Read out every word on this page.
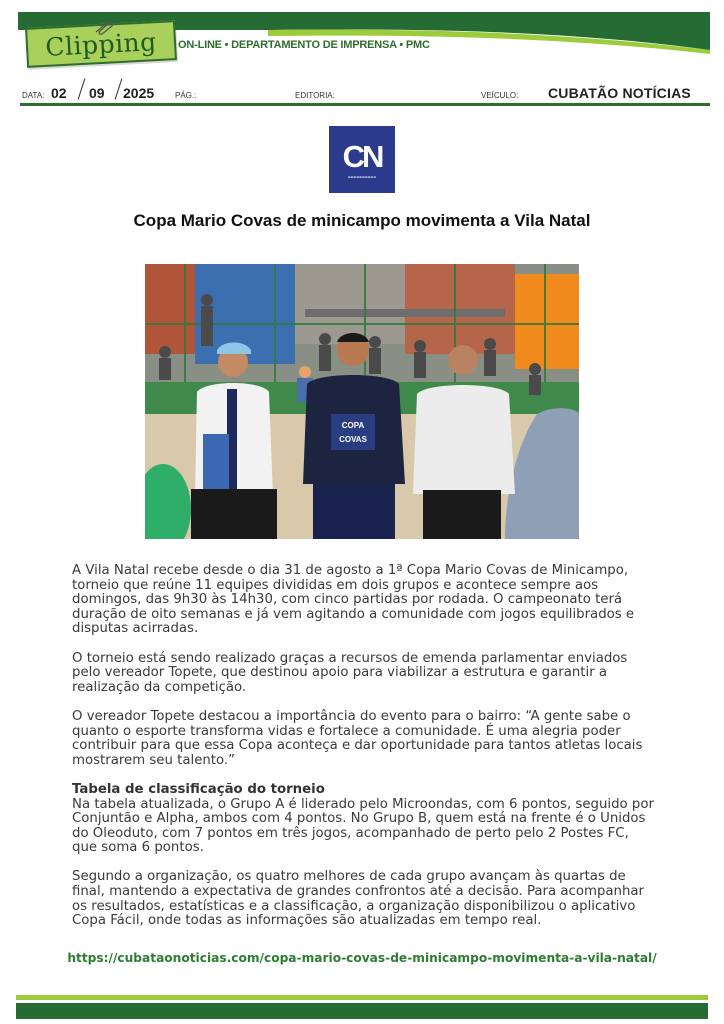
Clipping ON-LINE • DEPARTAMENTO DE IMPRENSA • PMC
DATA: 02 09 2025	PÁG.:	EDITORIA:	VEÍCULO: CUBATÃO NOTÍCIAS
CN
▬▬▬▬▬▬▬▬▬▬
Copa Mario Covas de minicampo movimenta a Vila Natal
COPA
COVAS

A Vila Natal recebe desde o dia 31 de agosto a 1ª Copa Mario Covas de Minicampo, torneio que reúne 11 equipes divididas em dois grupos e acontece sempre aos domingos, das 9h30 às 14h30, com cinco partidas por rodada. O campeonato terá duração de oito semanas e já vem agitando a comunidade com jogos equilibrados e disputas acirradas.

O torneio está sendo realizado graças a recursos de emenda parlamentar enviados pelo vereador Topete, que destinou apoio para viabilizar a estrutura e garantir a realização da competição.

O vereador Topete destacou a importância do evento para o bairro: “A gente sabe o quanto o esporte transforma vidas e fortalece a comunidade. É uma alegria poder contribuir para que essa Copa aconteça e dar oportunidade para tantos atletas locais mostrarem seu talento.”

Tabela de classificação do torneio

Na tabela atualizada, o Grupo A é liderado pelo Microondas, com 6 pontos, seguido por Conjuntão e Alpha, ambos com 4 pontos. No Grupo B, quem está na frente é o Unidos do Oleoduto, com 7 pontos em três jogos, acompanhado de perto pelo 2 Postes FC, que soma 6 pontos.

Segundo a organização, os quatro melhores de cada grupo avançam às quartas de final, mantendo a expectativa de grandes confrontos até a decisão. Para acompanhar os resultados, estatísticas e a classificação, a organização disponibilizou o aplicativo Copa Fácil, onde todas as informações são atualizadas em tempo real.

https://cubataonoticias.com/copa-mario-covas-de-minicampo-movimenta-a-vila-natal/
